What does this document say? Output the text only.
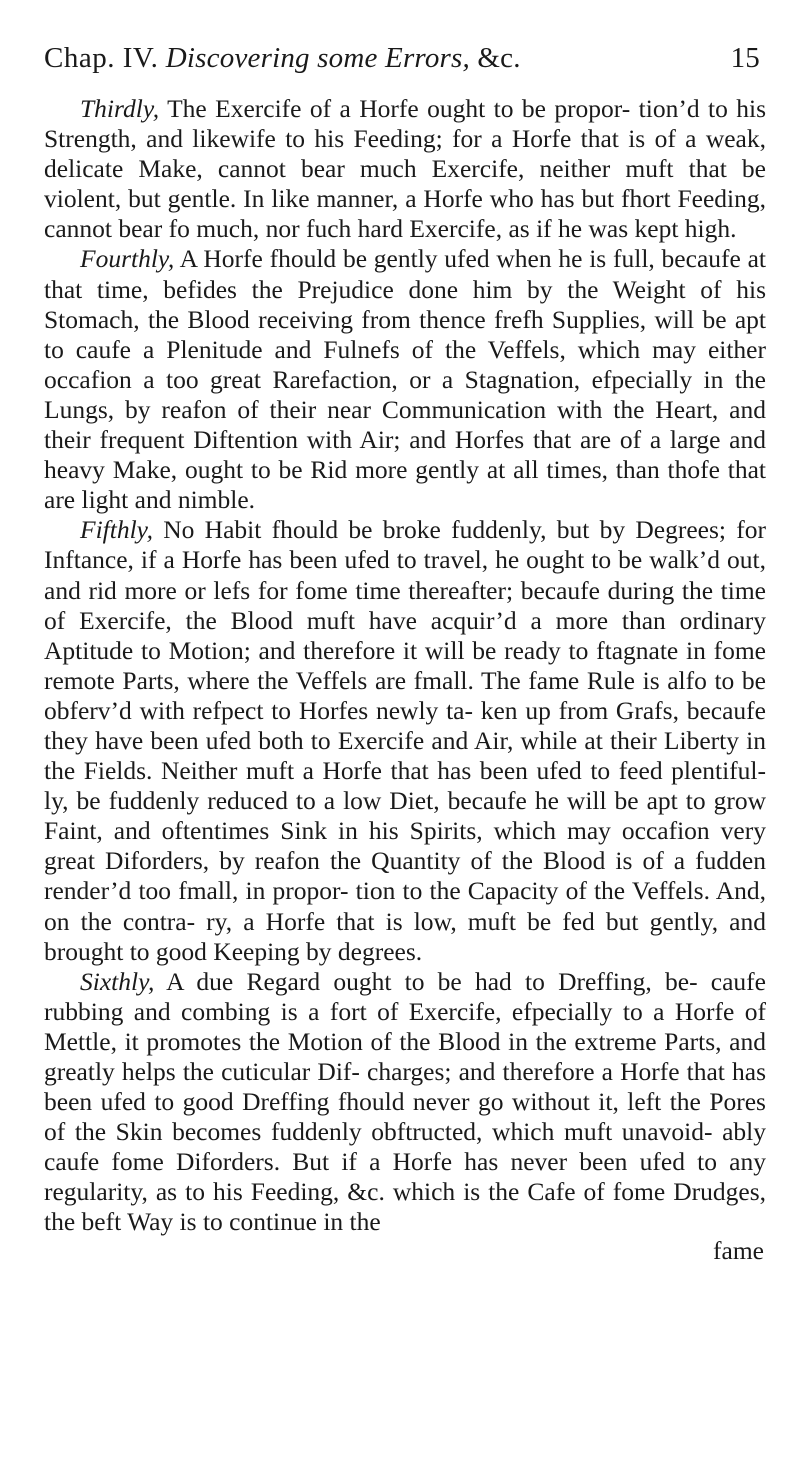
Chap. IV. Discovering some Errors, &c.	15

Thirdly, The Exercife of a Horfe ought to be propor- tion’d to his Strength, and likewife to his Feeding; for a Horfe that is of a weak, delicate Make, cannot bear much Exercife, neither muft that be violent, but gentle. In like manner, a Horfe who has but fhort Feeding, cannot bear fo much, nor fuch hard Exercife, as if he was kept high.

Fourthly, A Horfe fhould be gently ufed when he is full, becaufe at that time, befides the Prejudice done him by the Weight of his Stomach, the Blood receiving from thence frefh Supplies, will be apt to caufe a Plenitude and Fulnefs of the Veffels, which may either occafion a too great Rarefaction, or a Stagnation, efpecially in the Lungs, by reafon of their near Communication with the Heart, and their frequent Diftention with Air; and Horfes that are of a large and heavy Make, ought to be Rid more gently at all times, than thofe that are light and nimble.

Fifthly, No Habit fhould be broke fuddenly, but by Degrees; for Inftance, if a Horfe has been ufed to travel, he ought to be walk’d out, and rid more or lefs for fome time thereafter; becaufe during the time of Exercife, the Blood muft have acquir’d a more than ordinary Aptitude to Motion; and therefore it will be ready to ftagnate in fome remote Parts, where the Veffels are fmall. The fame Rule is alfo to be obferv’d with refpect to Horfes newly ta- ken up from Grafs, becaufe they have been ufed both to Exercife and Air, while at their Liberty in the Fields. Neither muft a Horfe that has been ufed to feed plentiful- ly, be fuddenly reduced to a low Diet, becaufe he will be apt to grow Faint, and oftentimes Sink in his Spirits, which may occafion very great Diforders, by reafon the Quantity of the Blood is of a fudden render’d too fmall, in propor- tion to the Capacity of the Veffels. And, on the contra- ry, a Horfe that is low, muft be fed but gently, and brought to good Keeping by degrees.

Sixthly, A due Regard ought to be had to Dreffing, be- caufe rubbing and combing is a fort of Exercife, efpecially to a Horfe of Mettle, it promotes the Motion of the Blood in the extreme Parts, and greatly helps the cuticular Dif- charges; and therefore a Horfe that has been ufed to good Dreffing fhould never go without it, left the Pores of the Skin becomes fuddenly obftructed, which muft unavoid- ably caufe fome Diforders. But if a Horfe has never been ufed to any regularity, as to his Feeding, &c. which is the Cafe of fome Drudges, the beft Way is to continue in the

fame
